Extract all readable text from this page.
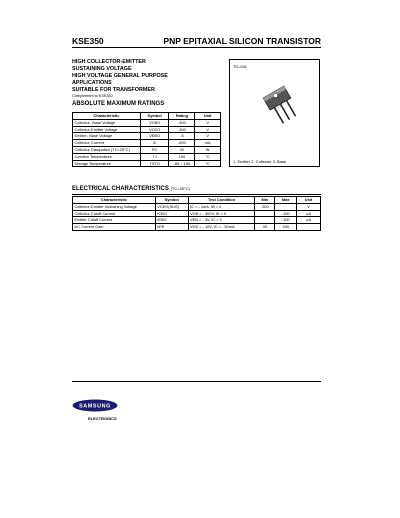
KSE350	PNP EPITAXIAL SILICON TRANSISTOR
HIGH COLLECTOR-EMITTER
SUSTAINING VOLTAGE
HIGH VOLTAGE GENERAL PURPOSE
APPLICATIONS
SUITABLE FOR TRANSFORMER
Complement to KSE340
ABSOLUTE MAXIMUM RATINGS
Characteristic	Symbol	Rating	Unit
Collector- Base Voltage	VCBO	-300	V
Collector-Emitter Voltage	VCEO	-300	V
Emitter- Base Voltage	VEBO	-5	V
Collector Current	IC	-500	mA
Collector Dissipation (TC=25°C)	PC	20	W
Junction Temperature	TJ	150	°C
Storage Temperature	TSTG	-65 ~ 150	°C
TO-126
1. Emitter 2. Collector 3. Base
ELECTRICAL CHARACTERISTICS (TC=25°C)
Characteristic	Symbol	Test Condition	Min	Max	Unit
Collector-Emitter Sustaining Voltage	VCEO(SUS)	IC = - 1mA, IB = 0	-300		V
Collector Cutoff Current	ICBO	VCB = - 300V, IE = 0		-100	uA
Emitter Cutoff Current	IEBO	VEB = - 3V, IC = 0		-100	uA
DC Current Gain	hFE	VCE = - 10V, IC = - 50mA	30	240	
SAMSUNG
ELECTRONICS
